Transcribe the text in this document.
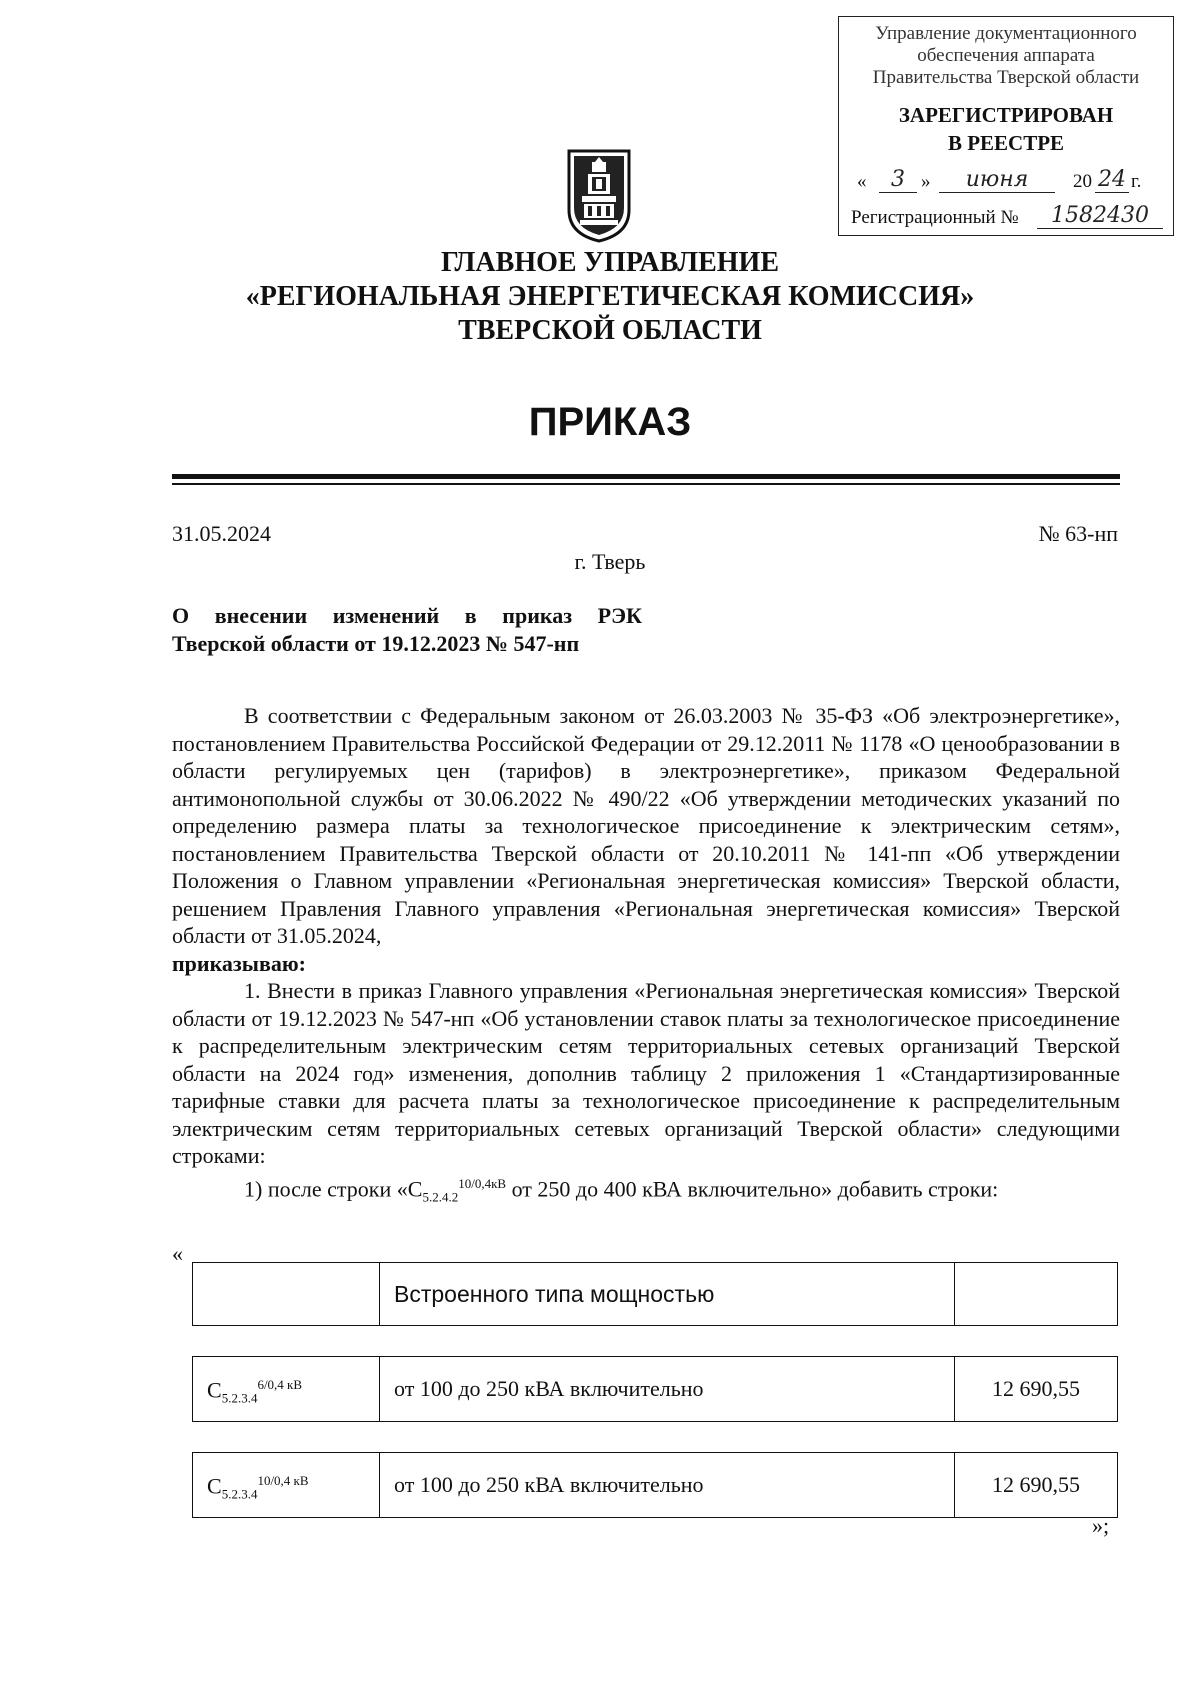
Управление документационного
обеспечения аппарата
Правительства Тверской области
ЗАРЕГИСТРИРОВАН
В РЕЕСТРЕ
«	3 »	июня	20 24 г.
Регистрационный №	1582430
ГЛАВНОЕ УПРАВЛЕНИЕ
«РЕГИОНАЛЬНАЯ ЭНЕРГЕТИЧЕСКАЯ КОМИССИЯ»
ТВЕРСКОЙ ОБЛАСТИ
ПРИКАЗ
31.05.2024	№ 63-нп
г. Тверь
О внесении изменений в приказ РЭК
Тверской области от 19.12.2023 № 547-нп

В соответствии с Федеральным законом от 26.03.2003 № 35-ФЗ «Об электроэнергетике», постановлением Правительства Российской Федерации от 29.12.2011 № 1178 «О ценообразовании в области регулируемых цен (тарифов) в электроэнергетике», приказом Федеральной антимонопольной службы от 30.06.2022 № 490/22 «Об утверждении методических указаний по определению размера платы за технологическое присоединение к электрическим сетям», постановлением Правительства Тверской области от 20.10.2011 № 141-пп «Об утверждении Положения о Главном управлении «Региональная энергетическая комиссия» Тверской области, решением Правления Главного управления «Региональная энергетическая комиссия» Тверской области от 31.05.2024,

приказываю:

1. Внести в приказ Главного управления «Региональная энергетическая комиссия» Тверской области от 19.12.2023 № 547-нп «Об установлении ставок платы за технологическое присоединение к распределительным электрическим сетям территориальных сетевых организаций Тверской области на 2024 год» изменения, дополнив таблицу 2 приложения 1 «Стандартизированные тарифные ставки для расчета платы за технологическое присоединение к распределительным электрическим сетям территориальных сетевых организаций Тверской области» следующими строками:

1) после строки «$С_{5.2.4.2}^{10/0,4кВ}$ от 250 до 400 кВА включительно» добавить строки:

«
Встроенного типа мощностью
$С_{5.2.3.4}^{6/0,4 кВ}$	от 100 до 250 кВА включительно	12 690,55
$С_{5.2.3.4}^{10/0,4 кВ}$	от 100 до 250 кВА включительно	12 690,55
»;
